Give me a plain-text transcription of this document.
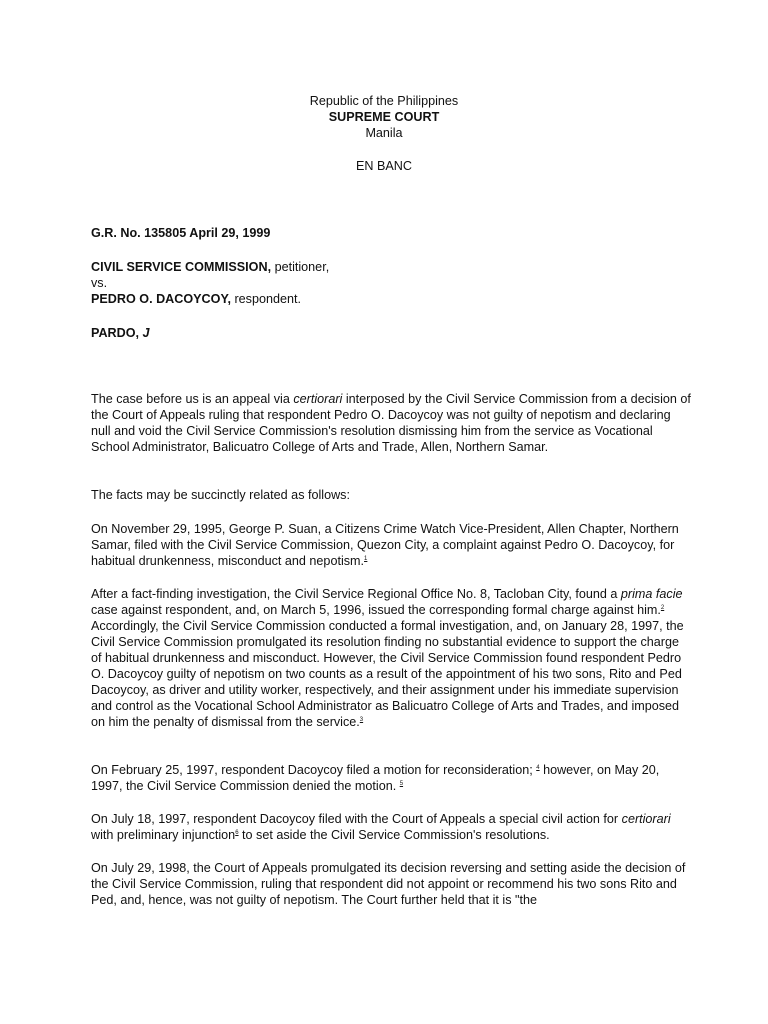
Republic of the Philippines
SUPREME COURT
Manila
EN BANC
G.R. No. 135805 April 29, 1999
CIVIL SERVICE COMMISSION, petitioner,
vs.
PEDRO O. DACOYCOY, respondent.
PARDO, J

The case before us is an appeal via certiorari interposed by the Civil Service Commission from a decision of the Court of Appeals ruling that respondent Pedro O. Dacoycoy was not guilty of nepotism and declaring null and void the Civil Service Commission's resolution dismissing him from the service as Vocational School Administrator, Balicuatro College of Arts and Trade, Allen, Northern Samar.

The facts may be succinctly related as follows:

On November 29, 1995, George P. Suan, a Citizens Crime Watch Vice-President, Allen Chapter, Northern Samar, filed with the Civil Service Commission, Quezon City, a complaint against Pedro O. Dacoycoy, for habitual drunkenness, misconduct and nepotism.$^1$

After a fact-finding investigation, the Civil Service Regional Office No. 8, Tacloban City, found a prima facie case against respondent, and, on March 5, 1996, issued the corresponding formal charge against him.$^2$ Accordingly, the Civil Service Commission conducted a formal investigation, and, on January 28, 1997, the Civil Service Commission promulgated its resolution finding no substantial evidence to support the charge of habitual drunkenness and misconduct. However, the Civil Service Commission found respondent Pedro O. Dacoycoy guilty of nepotism on two counts as a result of the appointment of his two sons, Rito and Ped Dacoycoy, as driver and utility worker, respectively, and their assignment under his immediate supervision and control as the Vocational School Administrator as Balicuatro College of Arts and Trades, and imposed on him the penalty of dismissal from the service.$^3$

On February 25, 1997, respondent Dacoycoy filed a motion for reconsideration; $^4$ however, on May 20, 1997, the Civil Service Commission denied the motion. $^5$

On July 18, 1997, respondent Dacoycoy filed with the Court of Appeals a special civil action for certiorari with preliminary injunction$^6$ to set aside the Civil Service Commission's resolutions.

On July 29, 1998, the Court of Appeals promulgated its decision reversing and setting aside the decision of the Civil Service Commission, ruling that respondent did not appoint or recommend his two sons Rito and Ped, and, hence, was not guilty of nepotism. The Court further held that it is "the
